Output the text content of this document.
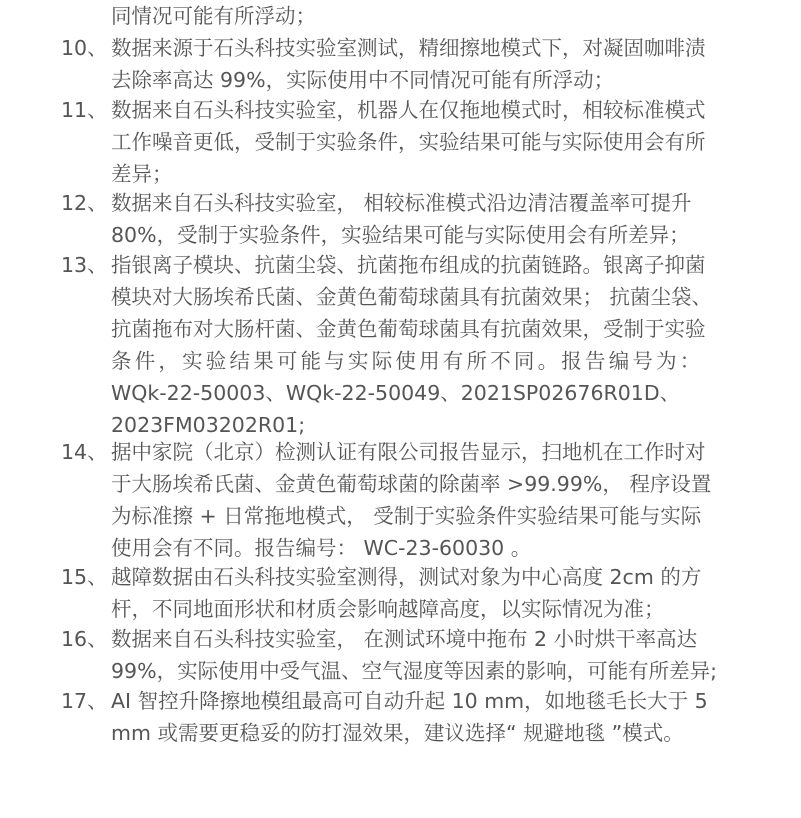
同情况可能有所浮动；
10、 数据来源于石头科技实验室测试，精细擦地模式下，对凝固咖啡渍
去除率高达 99%，实际使用中不同情况可能有所浮动；
11、 数据来自石头科技实验室，机器人在仅拖地模式时，相较标准模式
工作噪音更低，受制于实验条件，实验结果可能与实际使用会有所
差异；
12、 数据来自石头科技实验室， 相较标准模式沿边清洁覆盖率可提升
80%，受制于实验条件，实验结果可能与实际使用会有所差异；
13、 指银离子模块、抗菌尘袋、抗菌拖布组成的抗菌链路。银离子抑菌
模块对大肠埃希氏菌、金黄色葡萄球菌具有抗菌效果； 抗菌尘袋、
抗菌拖布对大肠杆菌、金黄色葡萄球菌具有抗菌效果，受制于实验
条件，实验结果可能与实际使用有所不同。报告编号为：
WQk-22-50003、WQk-22-50049、2021SP02676R01D、
2023FM03202R01;
14、 据中家院（北京）检测认证有限公司报告显示，扫地机在工作时对
于大肠埃希氏菌、金黄色葡萄球菌的除菌率 >99.99%， 程序设置
为标准擦 + 日常拖地模式， 受制于实验条件实验结果可能与实际
使用会有不同。报告编号： WC-23-60030 。
15、 越障数据由石头科技实验室测得，测试对象为中心高度 2cm 的方
杆，不同地面形状和材质会影响越障高度，以实际情况为准；
16、 数据来自石头科技实验室， 在测试环境中拖布 2 小时烘干率高达
99%，实际使用中受气温、空气湿度等因素的影响，可能有所差异;
17、 AI 智控升降擦地模组最高可自动升起 10 mm，如地毯毛长大于 5
mm 或需要更稳妥的防打湿效果，建议选择“ 规避地毯 ”模式。
